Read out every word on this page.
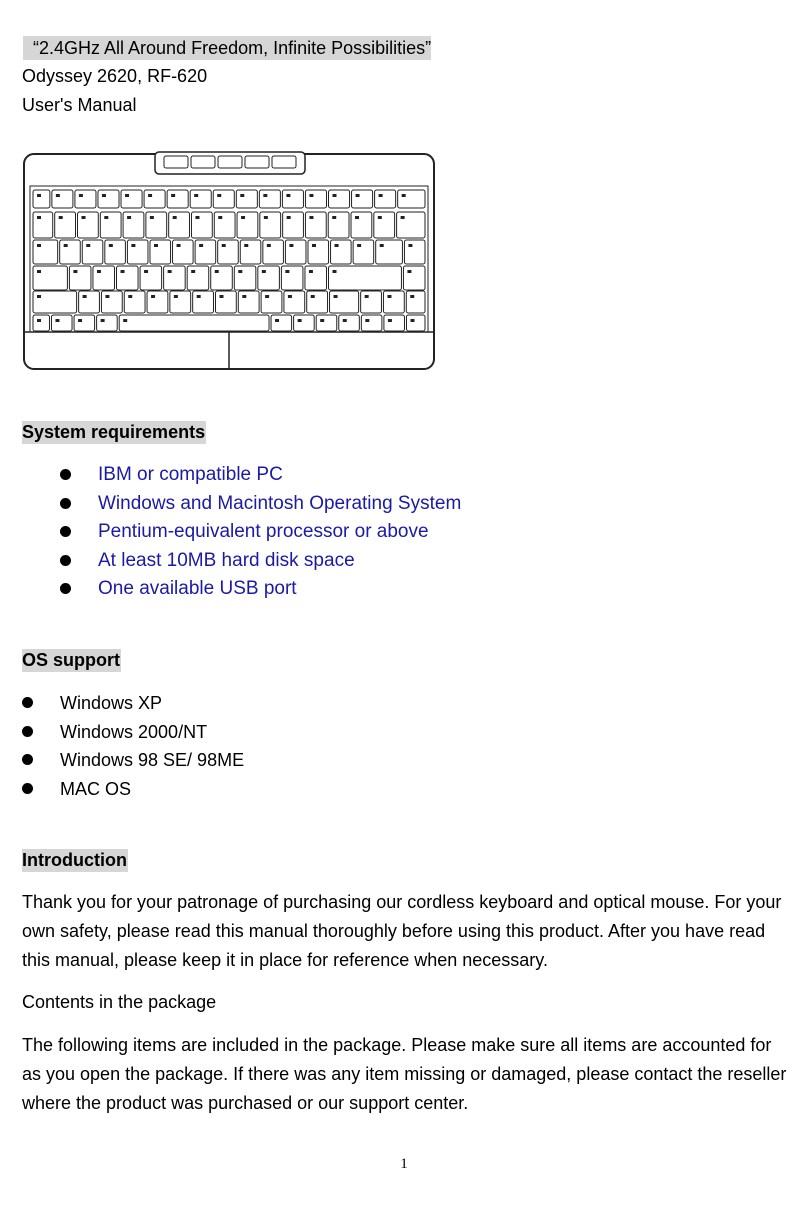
“2.4GHz All Around Freedom, Infinite Possibilities”
Odyssey 2620, RF-620
User's Manual
System requirements
IBM or compatible PC
Windows and Macintosh Operating System
Pentium-equivalent processor or above
At least 10MB hard disk space
One available USB port
OS support
Windows XP
Windows 2000/NT
Windows 98 SE/ 98ME
MAC OS
Introduction
Thank you for your patronage of purchasing our cordless keyboard and optical mouse. For your own safety, please read this manual thoroughly before using this product. After you have read this manual, please keep it in place for reference when necessary.
Contents in the package
The following items are included in the package. Please make sure all items are accounted for as you open the package. If there was any item missing or damaged, please contact the reseller where the product was purchased or our support center.
1
